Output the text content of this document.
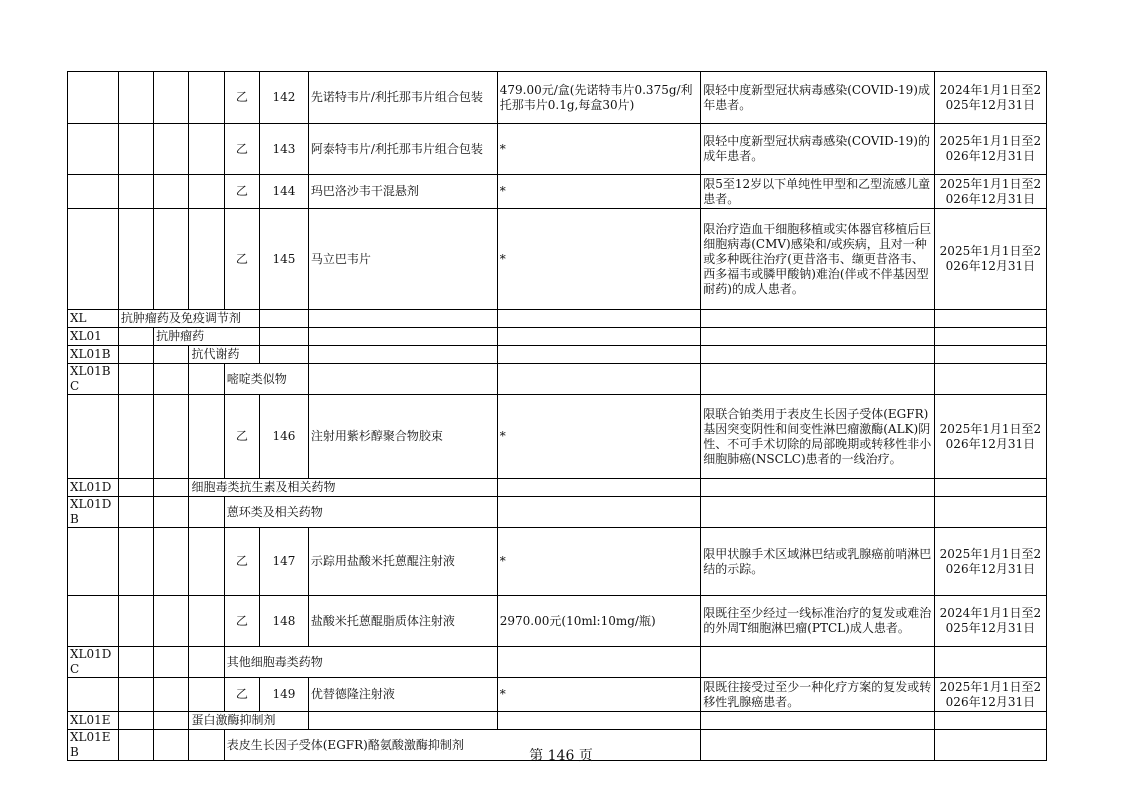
				乙	142	先诺特韦片/利托那韦片组合包装	479.00元/盒(先诺特韦片0.375g/利托那韦片0.1g,每盒30片)	限轻中度新型冠状病毒感染(COVID-19)成年患者。	2024年1月1日至2025年12月31日
				乙	143	阿泰特韦片/利托那韦片组合包装	*	限轻中度新型冠状病毒感染(COVID-19)的成年患者。	2025年1月1日至2026年12月31日
				乙	144	玛巴洛沙韦干混悬剂	*	限5至12岁以下单纯性甲型和乙型流感儿童患者。	2025年1月1日至2026年12月31日
				乙	145	马立巴韦片	*	限治疗造血干细胞移植或实体器官移植后巨细胞病毒(CMV)感染和/或疾病，且对一种或多种既往治疗(更昔洛韦、缬更昔洛韦、西多福韦或膦甲酸钠)难治(伴或不伴基因型耐药)的成人患者。	2025年1月1日至2026年12月31日
XL	抗肿瘤药及免疫调节剂								
XL01		抗肿瘤药							
XL01B			抗代谢药						
XL01BC				嘧啶类似物					
				乙	146	注射用紫杉醇聚合物胶束	*	限联合铂类用于表皮生长因子受体(EGFR)基因突变阴性和间变性淋巴瘤激酶(ALK)阴性、不可手术切除的局部晚期或转移性非小细胞肺癌(NSCLC)患者的一线治疗。	2025年1月1日至2026年12月31日
XL01D			细胞毒类抗生素及相关药物						
XL01DB				蒽环类及相关药物					
				乙	147	示踪用盐酸米托蒽醌注射液	*	限甲状腺手术区域淋巴结或乳腺癌前哨淋巴结的示踪。	2025年1月1日至2026年12月31日
				乙	148	盐酸米托蒽醌脂质体注射液	2970.00元(10ml:10mg/瓶)	限既往至少经过一线标准治疗的复发或难治的外周T细胞淋巴瘤(PTCL)成人患者。	2024年1月1日至2025年12月31日
XL01DC				其他细胞毒类药物					
				乙	149	优替德隆注射液	*	限既往接受过至少一种化疗方案的复发或转移性乳腺癌患者。	2025年1月1日至2026年12月31日
XL01E			蛋白激酶抑制剂						
XL01EB				表皮生长因子受体(EGFR)酪氨酸激酶抑制剂					
第 146 页
